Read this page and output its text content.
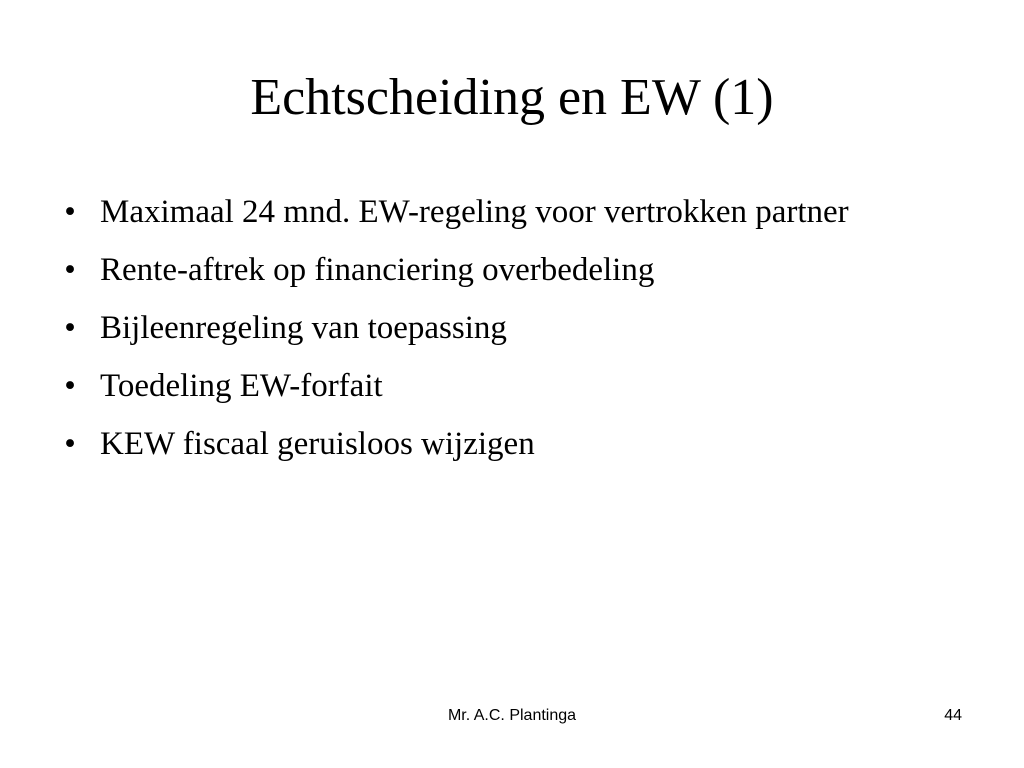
Echtscheiding en EW (1)
• Maximaal 24 mnd. EW-regeling voor vertrokken partner
• Rente-aftrek op financiering overbedeling
• Bijleenregeling van toepassing
• Toedeling EW-forfait
• KEW fiscaal geruisloos wijzigen
Mr. A.C. Plantinga	44
